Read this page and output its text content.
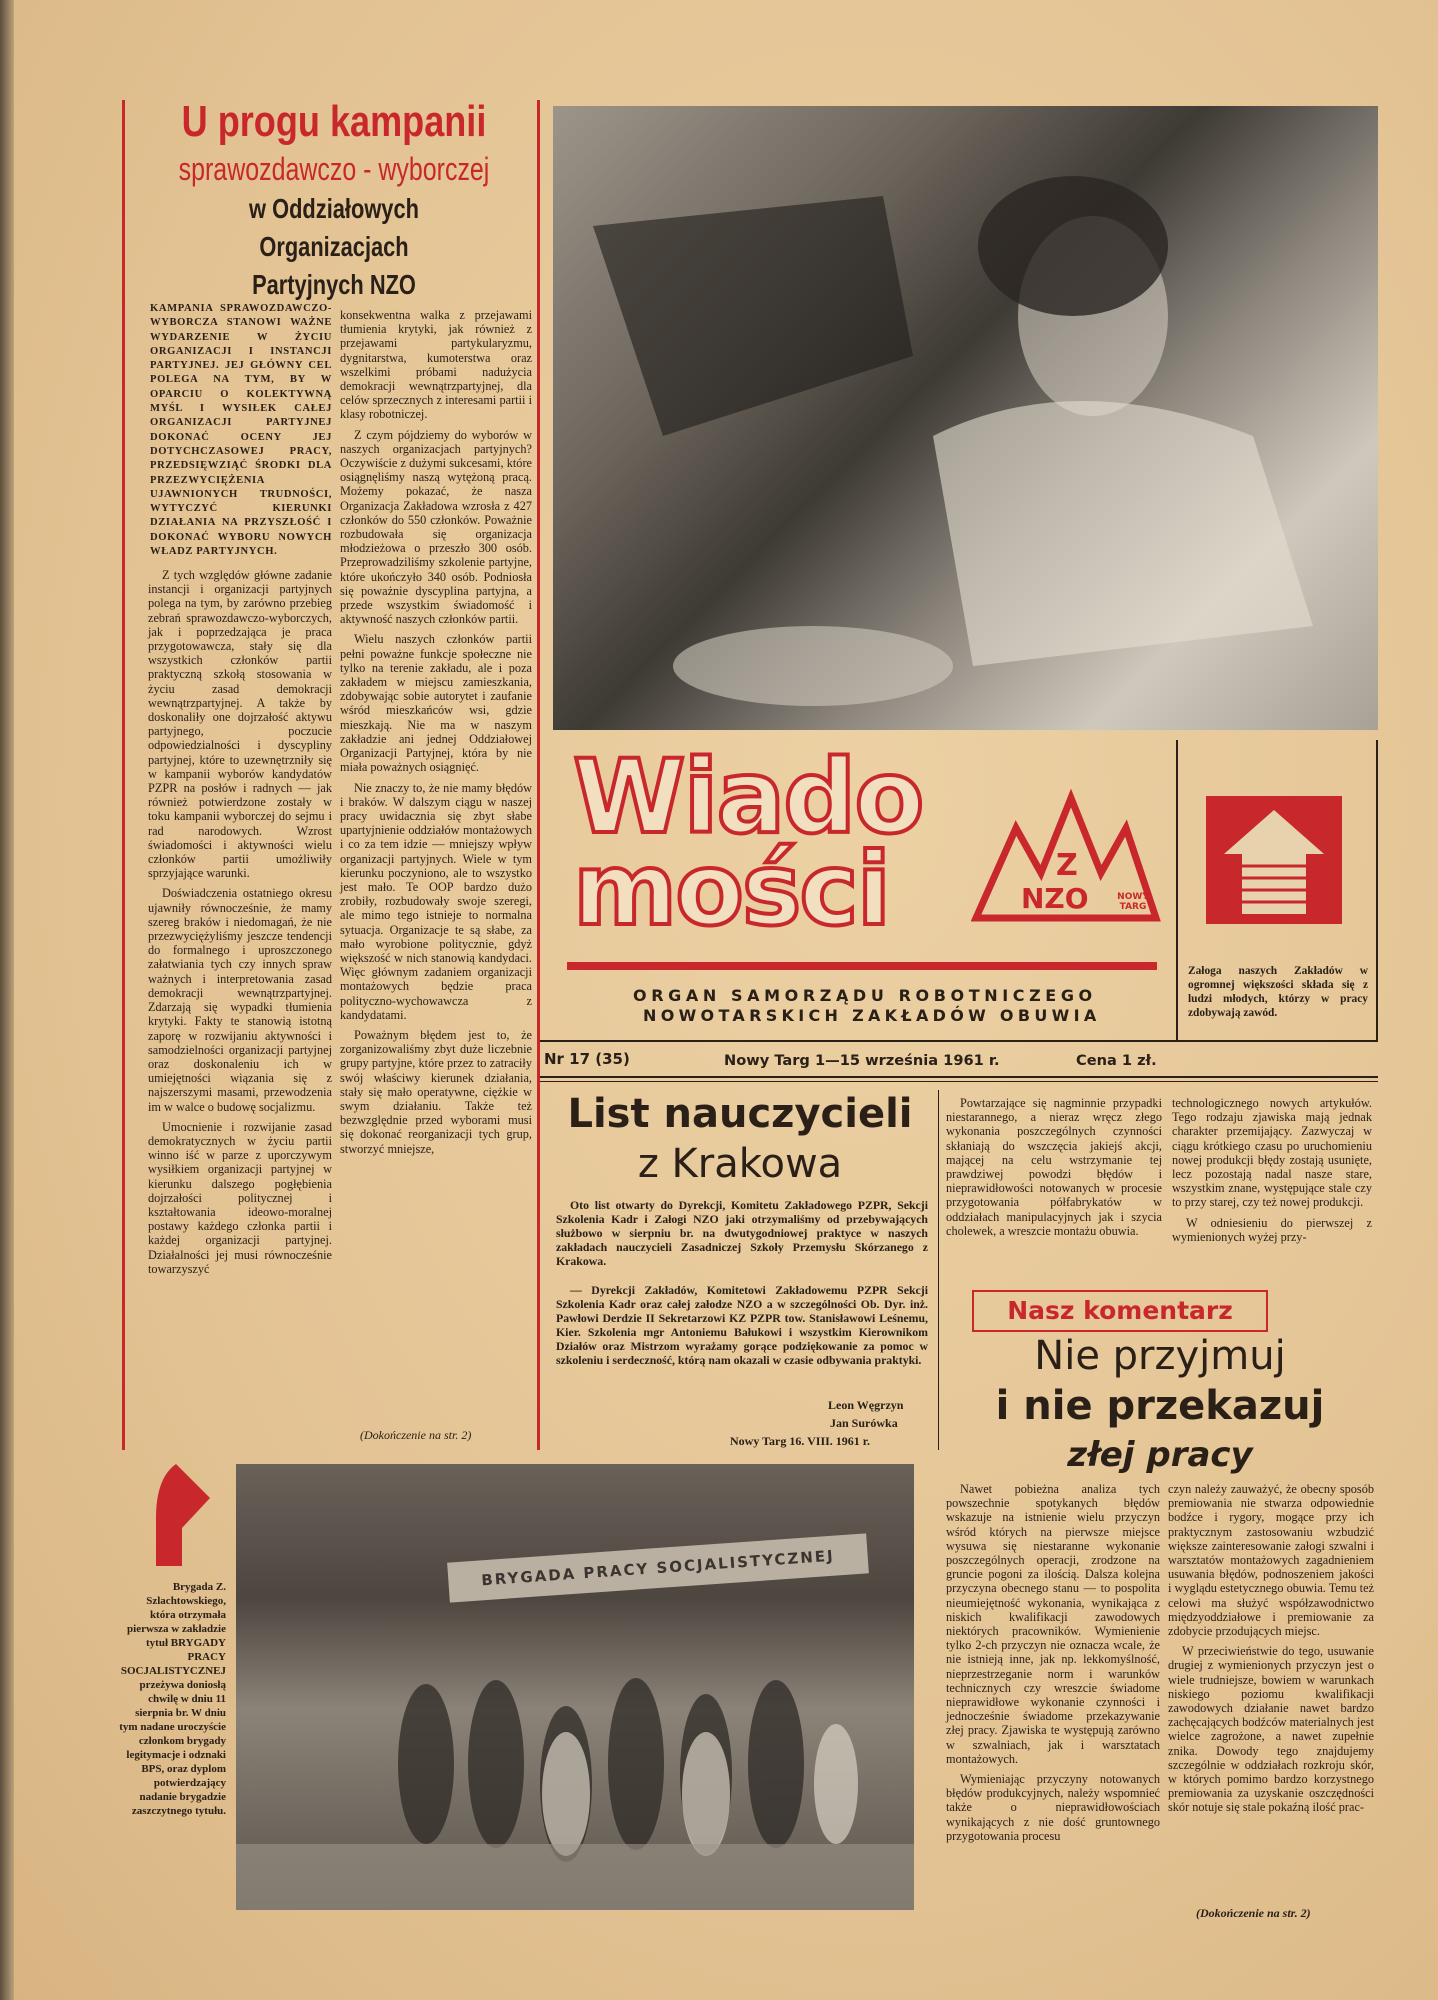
U progu kampanii
sprawozdawczo - wyborczej
w Oddziałowych Organizacjach
Partyjnych NZO
KAMPANIA SPRAWOZDAWCZO-WYBORCZA STANOWI WAŻNE WYDARZENIE W ŻYCIU ORGANIZACJI I INSTANCJI PARTYJNEJ. JEJ GŁÓWNY CEL POLEGA NA TYM, BY W OPARCIU O KOLEKTYWNĄ MYŚL I WYSIŁEK CAŁEJ ORGANIZACJI PARTYJNEJ DOKONAĆ OCENY JEJ DOTYCHCZASOWEJ PRACY, PRZEDSIĘWZIĄĆ ŚRODKI DLA PRZEZWYCIĘŻENIA UJAWNIONYCH TRUDNOŚCI, WYTYCZYĆ KIERUNKI DZIAŁANIA NA PRZYSZŁOŚĆ I DOKONAĆ WYBORU NOWYCH WŁADZ PARTYJNYCH.

Z tych względów główne zadanie instancji i organizacji partyjnych polega na tym, by zarówno przebieg zebrań sprawozdawczo-wyborczych, jak i poprzedzająca je praca przygotowawcza, stały się dla wszystkich członków partii praktyczną szkołą stosowania w życiu zasad demokracji wewnątrzpartyjnej. A także by doskonaliły one dojrzałość aktywu partyjnego, poczucie odpowiedzialności i dyscypliny partyjnej, które to uzewnętrzniły się w kampanii wyborów kandydatów PZPR na posłów i radnych — jak również potwierdzone zostały w toku kampanii wyborczej do sejmu i rad narodowych. Wzrost świadomości i aktywności wielu członków partii umożliwiły sprzyjające warunki.

Doświadczenia ostatniego okresu ujawniły równocześnie, że mamy szereg braków i niedomagań, że nie przezwyciężyliśmy jeszcze tendencji do formalnego i uproszczonego załatwiania tych czy innych spraw ważnych i interpretowania zasad demokracji wewnątrzpartyjnej. Zdarzają się wypadki tłumienia krytyki. Fakty te stanowią istotną zaporę w rozwijaniu aktywności i samodzielności organizacji partyjnej oraz doskonaleniu ich w umiejętności wiązania się z najszerszymi masami, przewodzenia im w walce o budowę socjalizmu.

Umocnienie i rozwijanie zasad demokratycznych w życiu partii winno iść w parze z uporczywym wysiłkiem organizacji partyjnej w kierunku dalszego pogłębienia dojrzałości politycznej i kształtowania ideowo-moralnej postawy każdego członka partii i każdej organizacji partyjnej. Działalności jej musi równocześnie towarzyszyć

konsekwentna walka z przejawami tłumienia krytyki, jak również z przejawami partykularyzmu, dygnitarstwa, kumoterstwa oraz wszelkimi próbami nadużycia demokracji wewnątrzpartyjnej, dla celów sprzecznych z interesami partii i klasy robotniczej.

Z czym pójdziemy do wyborów w naszych organizacjach partyjnych? Oczywiście z dużymi sukcesami, które osiągnęliśmy naszą wytężoną pracą. Możemy pokazać, że nasza Organizacja Zakładowa wzrosła z 427 członków do 550 członków. Poważnie rozbudowała się organizacja młodzieżowa o przeszło 300 osób. Przeprowadziliśmy szkolenie partyjne, które ukończyło 340 osób. Podniosła się poważnie dyscyplina partyjna, a przede wszystkim świadomość i aktywność naszych członków partii.

Wielu naszych członków partii pełni poważne funkcje społeczne nie tylko na terenie zakładu, ale i poza zakładem w miejscu zamieszkania, zdobywając sobie autorytet i zaufanie wśród mieszkańców wsi, gdzie mieszkają. Nie ma w naszym zakładzie ani jednej Oddziałowej Organizacji Partyjnej, która by nie miała poważnych osiągnięć.

Nie znaczy to, że nie mamy błędów i braków. W dalszym ciągu w naszej pracy uwidacznia się zbyt słabe upartyjnienie oddziałów montażowych i co za tem idzie — mniejszy wpływ organizacji partyjnych. Wiele w tym kierunku poczyniono, ale to wszystko jest mało. Te OOP bardzo dużo zrobiły, rozbudowały swoje szeregi, ale mimo tego istnieje to normalna sytuacja. Organizacje te są słabe, za mało wyrobione politycznie, gdyż większość w nich stanowią kandydaci. Więc głównym zadaniem organizacji montażowych będzie praca polityczno-wychowawcza z kandydatami.

Poważnym błędem jest to, że zorganizowaliśmy zbyt duże liczebnie grupy partyjne, które przez to zatraciły swój właściwy kierunek działania, stały się mało operatywne, ciężkie w swym działaniu. Także też bezwzględnie przed wyborami musi się dokonać reorganizacji tych grup, stworzyć mniejsze,

(Dokończenie na str. 2)
Wiado
mości	Z
NZO	NOWY TARG
ORGAN SAMORZĄDU ROBOTNICZEGO
NOWOTARSKICH ZAKŁADÓW OBUWIA
Załoga naszych Zakładów w ogromnej większości składa się z ludzi młodych, którzy w pracy zdobywają zawód.
Nr 17 (35)	Nowy Targ 1—15 września 1961 r.	Cena 1 zł.
List nauczycieli
z Krakowa
Oto list otwarty do Dyrekcji, Komitetu Zakładowego PZPR, Sekcji Szkolenia Kadr i Załogi NZO jaki otrzymaliśmy od przebywających służbowo w sierpniu br. na dwutygodniowej praktyce w naszych zakładach nauczycieli Zasadniczej Szkoły Przemysłu Skórzanego z Krakowa.
— Dyrekcji Zakładów, Komitetowi Zakładowemu PZPR Sekcji Szkolenia Kadr oraz całej załodze NZO a w szczególności Ob. Dyr. inż. Pawłowi Derdzie II Sekretarzowi KZ PZPR tow. Stanisławowi Leśnemu, Kier. Szkolenia mgr Antoniemu Bałukowi i wszystkim Kierownikom Działów oraz Mistrzom wyrażamy gorące podziękowanie za pomoc w szkoleniu i serdeczność, którą nam okazali w czasie odbywania praktyki.
Leon Węgrzyn
Jan Surówka
Nowy Targ 16. VIII. 1961 r.
Powtarzające się nagminnie przypadki niestarannego, a nieraz wręcz złego wykonania poszczególnych czynności skłaniają do wszczęcia jakiejś akcji, mającej na celu wstrzymanie tej prawdziwej powodzi błędów i nieprawidłowości notowanych w procesie przygotowania półfabrykatów w oddziałach manipulacyjnych jak i szycia cholewek, a wreszcie montażu obuwia.

technologicznego nowych artykułów. Tego rodzaju zjawiska mają jednak charakter przemijający. Zazwyczaj w ciągu krótkiego czasu po uruchomieniu nowej produkcji błędy zostają usunięte, lecz pozostają nadal nasze stare, wszystkim znane, występujące stale czy to przy starej, czy też nowej produkcji.

W odniesieniu do pierwszej z wymienionych wyżej przy-

Nasz komentarz
Nie przyjmuj
i nie przekazuj
złej pracy

Nawet pobieżna analiza tych powszechnie spotykanych błędów wskazuje na istnienie wielu przyczyn wśród których na pierwsze miejsce wysuwa się niestaranne wykonanie poszczególnych operacji, zrodzone na gruncie pogoni za ilością. Dalsza kolejna przyczyna obecnego stanu — to pospolita nieumiejętność wykonania, wynikająca z niskich kwalifikacji zawodowych niektórych pracowników. Wymienienie tylko 2-ch przyczyn nie oznacza wcale, że nie istnieją inne, jak np. lekkomyślność, nieprzestrzeganie norm i warunków technicznych czy wreszcie świadome nieprawidłowe wykonanie czynności i jednocześnie świadome przekazywanie złej pracy. Zjawiska te występują zarówno w szwalniach, jak i warsztatach montażowych.

Wymieniając przyczyny notowanych błędów produkcyjnych, należy wspomnieć także o nieprawidłowościach wynikających z nie dość gruntownego przygotowania procesu

czyn należy zauważyć, że obecny sposób premiowania nie stwarza odpowiednie bodźce i rygory, mogące przy ich praktycznym zastosowaniu wzbudzić większe zainteresowanie załogi szwalni i warsztatów montażowych zagadnieniem usuwania błędów, podnoszeniem jakości i wyglądu estetycznego obuwia. Temu też celowi ma służyć współzawodnictwo międzyoddziałowe i premiowanie za zdobycie przodujących miejsc.

W przeciwieństwie do tego, usuwanie drugiej z wymienionych przyczyn jest o wiele trudniejsze, bowiem w warunkach niskiego poziomu kwalifikacji zawodowych działanie nawet bardzo zachęcających bodźców materialnych jest wielce zagrożone, a nawet zupełnie znika. Dowody tego znajdujemy szczególnie w oddziałach rozkroju skór, w których pomimo bardzo korzystnego premiowania za uzyskanie oszczędności skór notuje się stale pokaźną ilość prac-

(Dokończenie na str. 2)
Brygada Z. Szlachtowskiego, która otrzymała pierwsza w zakładzie tytuł BRYGADY PRACY SOCJALISTYCZNEJ przeżywa doniosłą chwilę w dniu 11 sierpnia br. W dniu tym nadane uroczyście członkom brygady legitymacje i odznaki BPS, oraz dyplom potwierdzający nadanie brygadzie zaszczytnego tytułu.
BRYGADA PRACY SOCJALISTYCZNEJ
